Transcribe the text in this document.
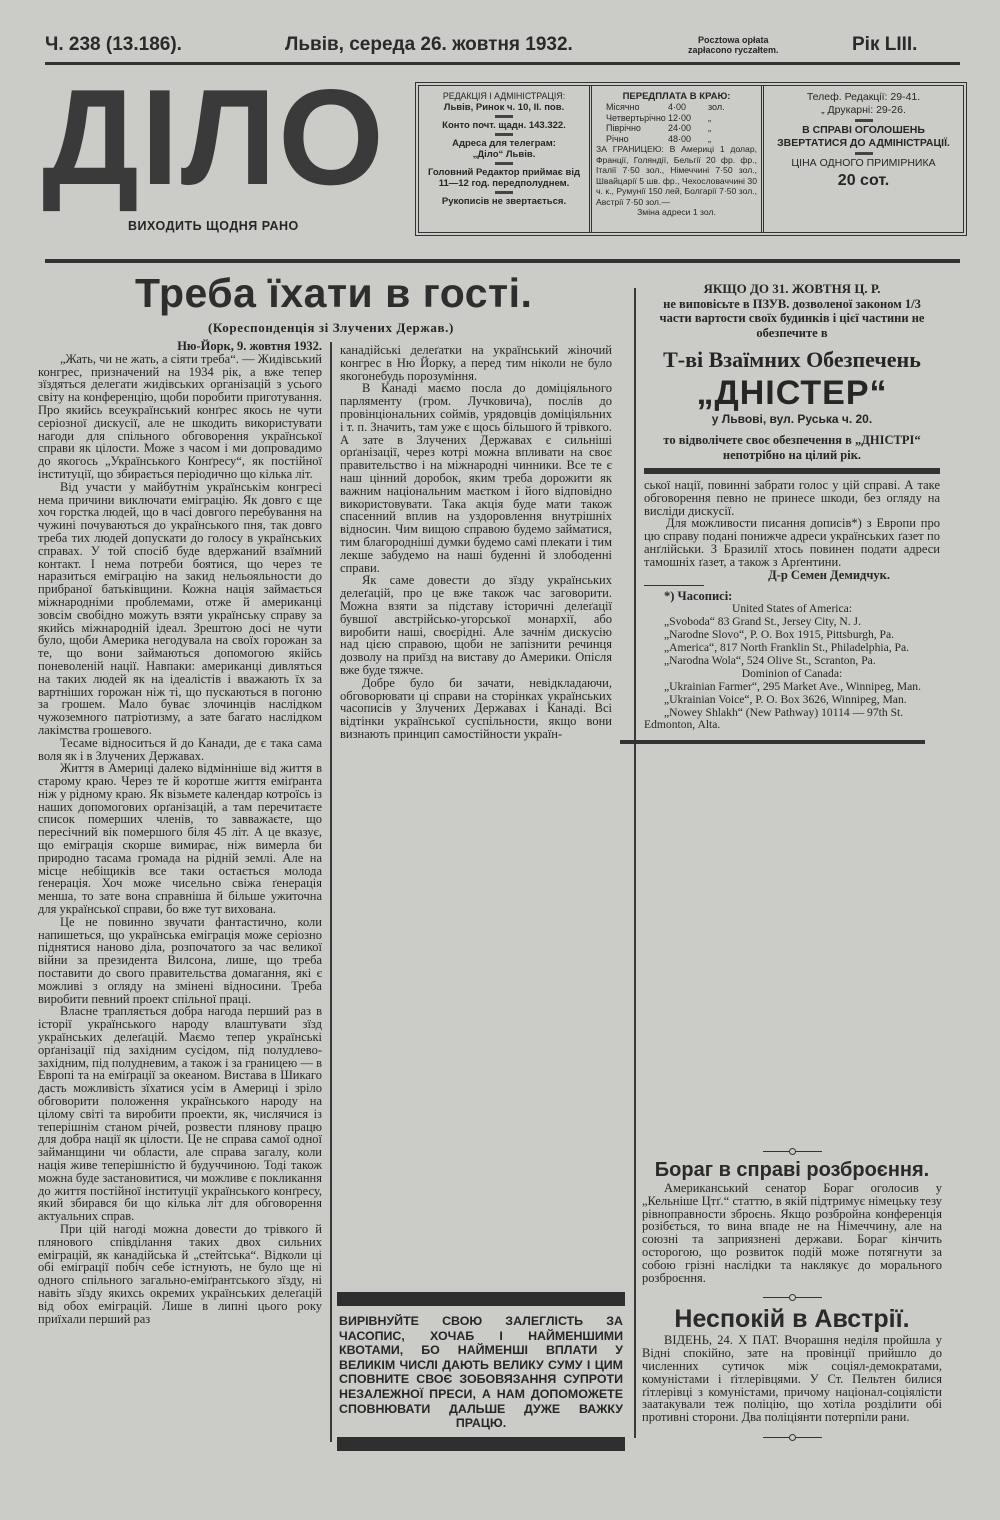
Ч. 238 (13.186).	Львів, середа 26. жовтня 1932.	Pocztowa opłata
zapłacono ryczałtem.	Рік LIII.
ДІЛО
ВИХОДИТЬ ЩОДНЯ РАНО
РЕДАКЦІЯ І АДМІНІСТРАЦІЯ:
Львів, Ринок ч. 10, II. пов.
Конто почт. щадн. 143.322.
Адреса для телеграм:
„Діло“ Львів.
Головний Редактор приймає від 11—12 год. передполуднем.
Рукописів не звертається.
ПЕРЕДПЛАТА В КРАЮ:
Місячно	4·00	зол.
Четвертьрічно 12·00	„
Піврічно	24·00	„
Річно	48·00	„
ЗА ГРАНИЦЕЮ: В Америці 1 долар, Франції, Голяндії, Бельгії 20 фр. фр., Італії 7·50 зол., Німеччині 7·50 зол., Швайцарії 5 шв. фр., Чехословаччині 30 ч. к., Румунії 150 лей, Болгарії 7·50 зол., Австрії 7·50 зол.—
Зміна адреси 1 зол.
Телеф. Редакції: 29-41.
„ Друкарні: 29-26.
В СПРАВІ ОГОЛОШЕНЬ ЗВЕРТАТИСЯ ДО АДМІНІСТРАЦІЇ.
ЦІНА ОДНОГО ПРИМІРНИКА
20 сот.
Треба їхати в гості.
(Кореспонденція зі Злучених Держав.)

Ню-Йорк, 9. жовтня 1932.

„Жать, чи не жать, а сіяти треба“. — Жидівський конгрес, призначений на 1934 рік, а вже тепер зїздяться делегати жидівських організацій з усього світу на конференцію, щоби поробити приготування. Про якийсь всеукраїнський конґрес якось не чути серіозної дискусії, але не шкодить використувати нагоди для спільного обговорення української справи як цілости. Може з часом і ми допровадимо до якогось „Українського Конґресу“, як постійної інституції, що збирається періодично що кілька літ.

Від участи у майбутнім українськім конгресі нема причини виключати еміграцію. Як довго є ще хоч горстка людей, що в часі довгого перебування на чужині почуваються до українського пня, так довго треба тих людей допускати до голосу в українських справах. У той спосіб буде вдержаний взаїмний контакт. І нема потреби боятися, що через те наразиться еміграцію на закид нельояльности до прибраної батьківщини. Кожна нація займається міжнародніми проблемами, отже й американці зовсім свобідно можуть взяти українську справу за якийсь міжнародній ідеал. Зрештою досі не чути було, щоби Америка негодувала на своїх горожан за те, що вони займаються допомогою якійсь поневоленій нації. Навпаки: американці дивляться на таких людей як на ідеалістів і вважають їх за вартніших горожан ніж ті, що пускаються в погоню за грошем. Мало буває злочинців наслідком чужоземного патріотизму, а зате багато наслідком лакімства грошевого.

Тесаме відноситься й до Канади, де є така сама воля як і в Злучених Державах.

Життя в Америці далеко відмінніше від життя в старому краю. Через те й коротше життя еміґранта ніж у рідному краю. Як візьмете календар котроїсь із наших допомогових орґанізацій, а там перечитаєте список померших членів, то завважаєте, що пересічний вік помершого біля 45 літ. А це вказує, що еміграція скорше вимирає, ніж вимерла би природно тасама громада на рідній землі. Але на місце небіщиків все таки остається молода ґенерація. Хоч може чисельно свіжа ґенерація менша, то зате вона справніша й більше ужиточна для української справи, бо вже тут вихована.

Це не повинно звучати фантастично, коли напишеться, що українська еміграція може серіозно піднятися наново діла, розпочатого за час великої війни за президента Вилсона, лише, що треба поставити до свого правительства домагання, які є можливі з огляду на змінені відносини. Треба виробити певний проект спільної праці.

Власне трапляється добра нагода перший раз в історії українського народу влаштувати зїзд українських делеґацій. Маємо тепер українські орґанізації під західним сусідом, під полудлево-західним, під полудневим, а також і за границею — в Европі та на еміґрації за океаном. Вистава в Шикаго дасть можливість зїхатися усім в Америці і зріло обговорити положення українського народу на цілому світі та виробити проекти, як, числячися із теперішнім станом річей, розвести плянову працю для добра нації як цілости. Це не справа самої одної займанщини чи области, але справа загалу, коли нація живе теперішністю й будуччиною. Тоді також можна буде застановитися, чи можливе є покликання до життя постійної інституції українського конґресу, який збирався би що кілька літ для обговорення актуальних справ.

При цій нагоді можна довести до трівкого й плянового співділання таких двох сильних еміграцій, як канадійська й „стейтська“. Відколи ці обі еміграції побіч себе істнують, не було ще ні одного спільного загально-еміґрантського зїзду, ні навіть зїзду якихсь окремих українських делеґацій від обох еміграцій. Лише в липні цього року приїхали перший раз

канадійські делеґатки на український жіночий конгрес в Ню Йорку, а перед тим ніколи не було якогонебудь порозуміння.

В Канаді маємо посла до доміціяльного парляменту (гром. Лучковича), послів до провінціональних соймів, урядовців доміціяльних і т. п. Значить, там уже є щось більшого й трівкого. А зате в Злучених Державах є сильніші орґанізації, через котрі можна впливати на своє правительство і на міжнародні чинники. Все те є наш цінний доробок, яким треба дорожити як важним національним маєтком і його відповідно використовувати. Така акція буде мати також спасенний вплив на уздоровлення внутрішніх відносин. Чим вищою справою будемо займатися, тим благородніші думки будемо самі плекати і тим лекше забудемо на наші буденні й злободенні справи.

Як саме довести до зїзду українських делеґацій, про це вже також час заговорити. Можна взяти за підставу історичні делеґації бувшої австрійсько-угорської монархії, або виробити наші, своєрідні. Але зачнім дискусію над цією справою, щоби не запізнити речинця дозволу на приїзд на виставу до Америки. Опісля вже буде тяжче.

Добре було би зачати, невідкладаючи, обговорювати ці справи на сторінках українських часописів у Злучених Державах і Канаді. Всі відтінки української суспільности, якщо вони визнають принцип самостійности україн-

ЯКЩО ДО 31. ЖОВТНЯ Ц. Р.
не виповісьте в ПЗУВ. дозволеної законом 1/3 части вартости своїх будинків і цієї частини не обезпечите в
Т-ві Взаїмних Обезпечень
„ДНІСТЕР“
у Львові, вул. Руська ч. 20.
то відволічете своє обезпечення в „ДНІСТРІ“ непотрібно на цілий рік.

ської нації, повинні забрати голос у цій справі. А таке обговорення певно не принесе шкоди, без огляду на висліди дискусії.

Для можливости писання дописів*) з Европи про цю справу подані понижче адреси українських ґазет по анґлійськи. З Бразилії хтось повинен подати адреси тамошніх ґазет, а також з Арґентини.

Д-р Семен Демидчук.

*) Часописі:
United States of America:
„Svoboda“ 83 Grand St., Jersey City, N. J.
„Narodne Slovo“, P. O. Box 1915, Pittsburgh, Pa.
„America“, 817 North Franklin St., Philadelphia, Pa.
„Narodna Wola“, 524 Olive St., Scranton, Pa.
Dominion of Canada:
„Ukrainian Farmer“, 295 Market Ave., Winnipeg, Man.
„Ukrainian Voice“, P. O. Box 3626, Winnipeg, Man.
„Nowey Shlakh“ (New Pathway) 10114 — 97th St. Edmonton, Alta.
ВИРІВНУЙТЕ СВОЮ ЗАЛЕГЛІСТЬ ЗА ЧАСОПИС, ХОЧАБ І НАЙМЕНШИМИ КВОТАМИ, БО НАЙМЕНШІ ВПЛАТИ У ВЕЛИКІМ ЧИСЛІ ДАЮТЬ ВЕЛИКУ СУМУ І ЦИМ СПОВНИТЕ СВОЄ ЗОБОВЯЗАННЯ СУПРОТИ НЕЗАЛЕЖНОЇ ПРЕСИ, А НАМ ДОПОМОЖЕТЕ СПОВНЮВАТИ ДАЛЬШЕ ДУЖЕ ВАЖКУ ПРАЦЮ.
Бораг в справі розброєння.

Американський сенатор Бораг оголосив у „Кельніше Цтґ.“ статтю, в якій підтримує німецьку тезу рівноправности зброєнь. Якщо розбройна конференція розібється, то вина впаде не на Німеччину, але на союзні та заприязнені держави. Бораг кінчить осторогою, що розвиток подій може потягнути за собою грізні наслідки та наклякує до морального розброєння.

Неспокій в Австрії.

ВІДЕНЬ, 24. X ПАТ. Вчорашня неділя пройшла у Відні спокійно, зате на провінції прийшло до численних сутичок між соціял-демократами, комуністами і ґітлерівцями. У Ст. Пельтен билися ґітлерівці з комуністами, причому націонал-соціялісти заатакували теж поліцію, що хотіла розділити обі противні сторони. Два поліціянти потерпіли рани.
